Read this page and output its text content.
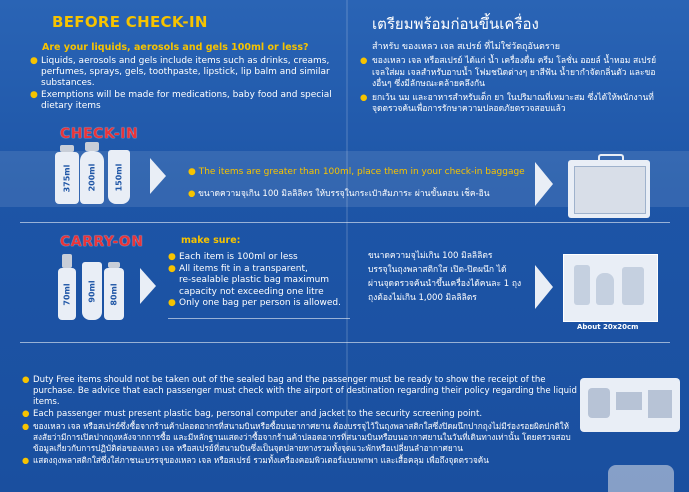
BEFORE CHECK-IN	เตรียมพร้อมก่อนขึ้นเครื่อง
Are your liquids, aerosols and gels 100ml or less?
● Liquids, aerosols and gels include items such as drinks, creams, perfumes, sprays, gels, toothpaste, lipstick, lip balm and similar substances.
● Exemptions will be made for medications, baby food and special dietary items
สำหรับ ของเหลว เจล สเปรย์ ที่ไม่ใช่วัตถุอันตราย
● ของเหลว เจล หรือสเปรย์ ได้แก่ น้ำ เครื่องดื่ม ครีม โลชั่น ออยล์ น้ำหอม สเปรย์ เจลใส่ผม เจลสำหรับอาบน้ำ โฟมชนิดต่างๆ ยาสีฟัน น้ำยากำจัดกลิ่นตัว และของอื่นๆ ซึ่งมีลักษณะคล้ายคลึงกัน
● ยกเว้น นม และอาหารสำหรับเด็ก ยา ในปริมาณที่เหมาะสม ซึ่งได้ให้พนักงานที่จุดตรวจค้นเพื่อการรักษาความปลอดภัยตรวจสอบแล้ว
CHECK-IN
375ml 200ml 150ml	● The items are greater than 100ml, place them in your check-in baggage
● ขนาดความจุเกิน 100 มิลลิลิตร ให้บรรจุในกระเป๋าสัมภาระ ผ่านขั้นตอน เช็ค-อิน
CARRY-ON
70ml 90ml 80ml
make sure:
● Each item is 100ml or less
● All items fit in a transparent,
re-sealable plastic bag maximum
capacity not exceeding one litre
● Only one bag per person is allowed.
ขนาดความจุไม่เกิน 100 มิลลิลิตร
บรรจุในถุงพลาสติกใส เปิด-ปิดผนึก ได้
ผ่านจุดตรวจค้นนำขึ้นเครื่องได้คนละ 1 ถุง
ถุงต้องไม่เกิน 1,000 มิลลิลิตร
About 20x20cm
● Duty Free items should not be taken out of the sealed bag and the passenger must be ready to show the receipt of the purchase. Be advice that each passenger must check with the airport of destination regarding their policy regarding the liquid items.
● Each passenger must present plastic bag, personal computer and jacket to the security screening point.
● ของเหลว เจล หรือสเปรย์ซึ่งซื้อจากร้านค้าปลอดอากรที่สนามบินหรือซื้อบนอากาศยาน ต้องบรรจุไว้ในถุงพลาสติกใสซึ่งปิดผนึกปากถุงไม่มีร่องรอยผิดปกติให้สงสัยว่ามีการเปิดปากถุงหลังจากการซื้อ และมีหลักฐานแสดงว่าซื้อจากร้านค้าปลอดอากรที่สนามบินหรือบนอากาศยานในวันที่เดินทางเท่านั้น โดยตรวจสอบข้อมูลเกี่ยวกับการปฏิบัติต่อของเหลว เจล หรือสเปรย์ที่สนามบินซึ่งเป็นจุดปลายทางรวมทั้งจุดแวะพักหรือเปลี่ยนลำอากาศยาน
● แสดงถุงพลาสติกใส่ซึ่งใส่ภาชนะบรรจุของเหลว เจล หรือสเปรย์ รวมทั้งเครื่องคอมพิวเตอร์แบบพกพา และเสื้อคลุม เพื่อถึงจุดตรวจค้น
